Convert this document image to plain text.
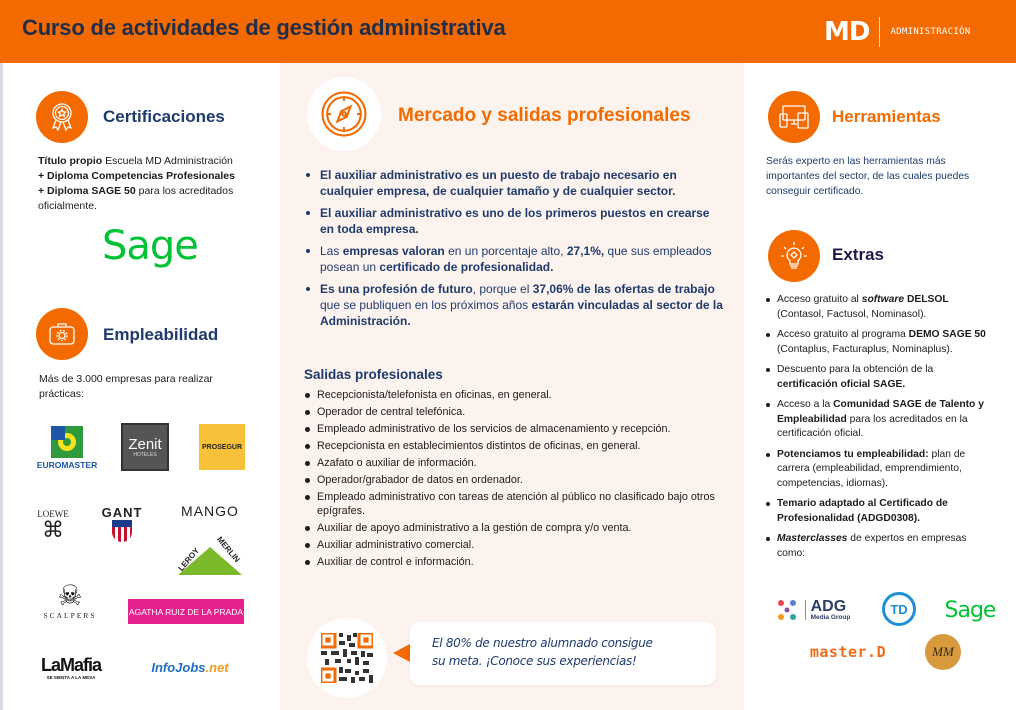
Curso de actividades de gestión administrativa	MD ADMINISTRACIÓN
Certificaciones
Título propio Escuela MD Administración
+ Diploma Competencias Profesionales
+ Diploma SAGE 50 para los acreditados oficialmente.
Sage
Empleabilidad
Más de 3.000 empresas para realizar prácticas:
EUROMASTER
Zenit
HOTELES
PROSEGUR
LOEWE
⌘
GANT	MANGO
LEROY MERLIN
☠
SCALPERS	AGATHA RUIZ DE LA PRADA
LaMafia
SE SIENTA A LA MESA
InfoJobs .net
Mercado y salidas profesionales
El auxiliar administrativo es un puesto de trabajo necesario en cualquier empresa, de cualquier tamaño y de cualquier sector.
El auxiliar administrativo es uno de los primeros puestos en crearse en toda empresa.
Las empresas valoran en un porcentaje alto, 27,1%, que sus empleados posean un certificado de profesionalidad.
Es una profesión de futuro, porque el 37,06% de las ofertas de trabajo que se publiquen en los próximos años estarán vinculadas al sector de la Administración.
Salidas profesionales
Recepcionista/telefonista en oficinas, en general.
Operador de central telefónica.
Empleado administrativo de los servicios de almacenamiento y recepción.
Recepcionista en establecimientos distintos de oficinas, en general.
Azafato o auxiliar de información.
Operador/grabador de datos en ordenador.
Empleado administrativo con tareas de atención al público no clasificado bajo otros epígrafes.
Auxiliar de apoyo administrativo a la gestión de compra y/o venta.
Auxiliar administrativo comercial.
Auxiliar de control e información.
El 80% de nuestro alumnado consigue
su meta. ¡Conoce sus experiencias!
Herramientas
Serás experto en las herramientas más importantes del sector, de las cuales puedes conseguir certificado.
Extras
Acceso gratuito al software DELSOL (Contasol, Factusol, Nominasol).
Acceso gratuito al programa DEMO SAGE 50 (Contaplus, Facturaplus, Nominaplus).
Descuento para la obtención de la certificación oficial SAGE.
Acceso a la Comunidad SAGE de Talento y Empleabilidad para los acreditados en la certificación oficial.
Potenciamos tu empleabilidad: plan de carrera (empleabilidad, emprendimiento, competencias, idiomas).
Temario adaptado al Certificado de Profesionalidad (ADGD0308).
Masterclasses de expertos en empresas como:
ADG
Media Group
TD Sage
master.D	MM
